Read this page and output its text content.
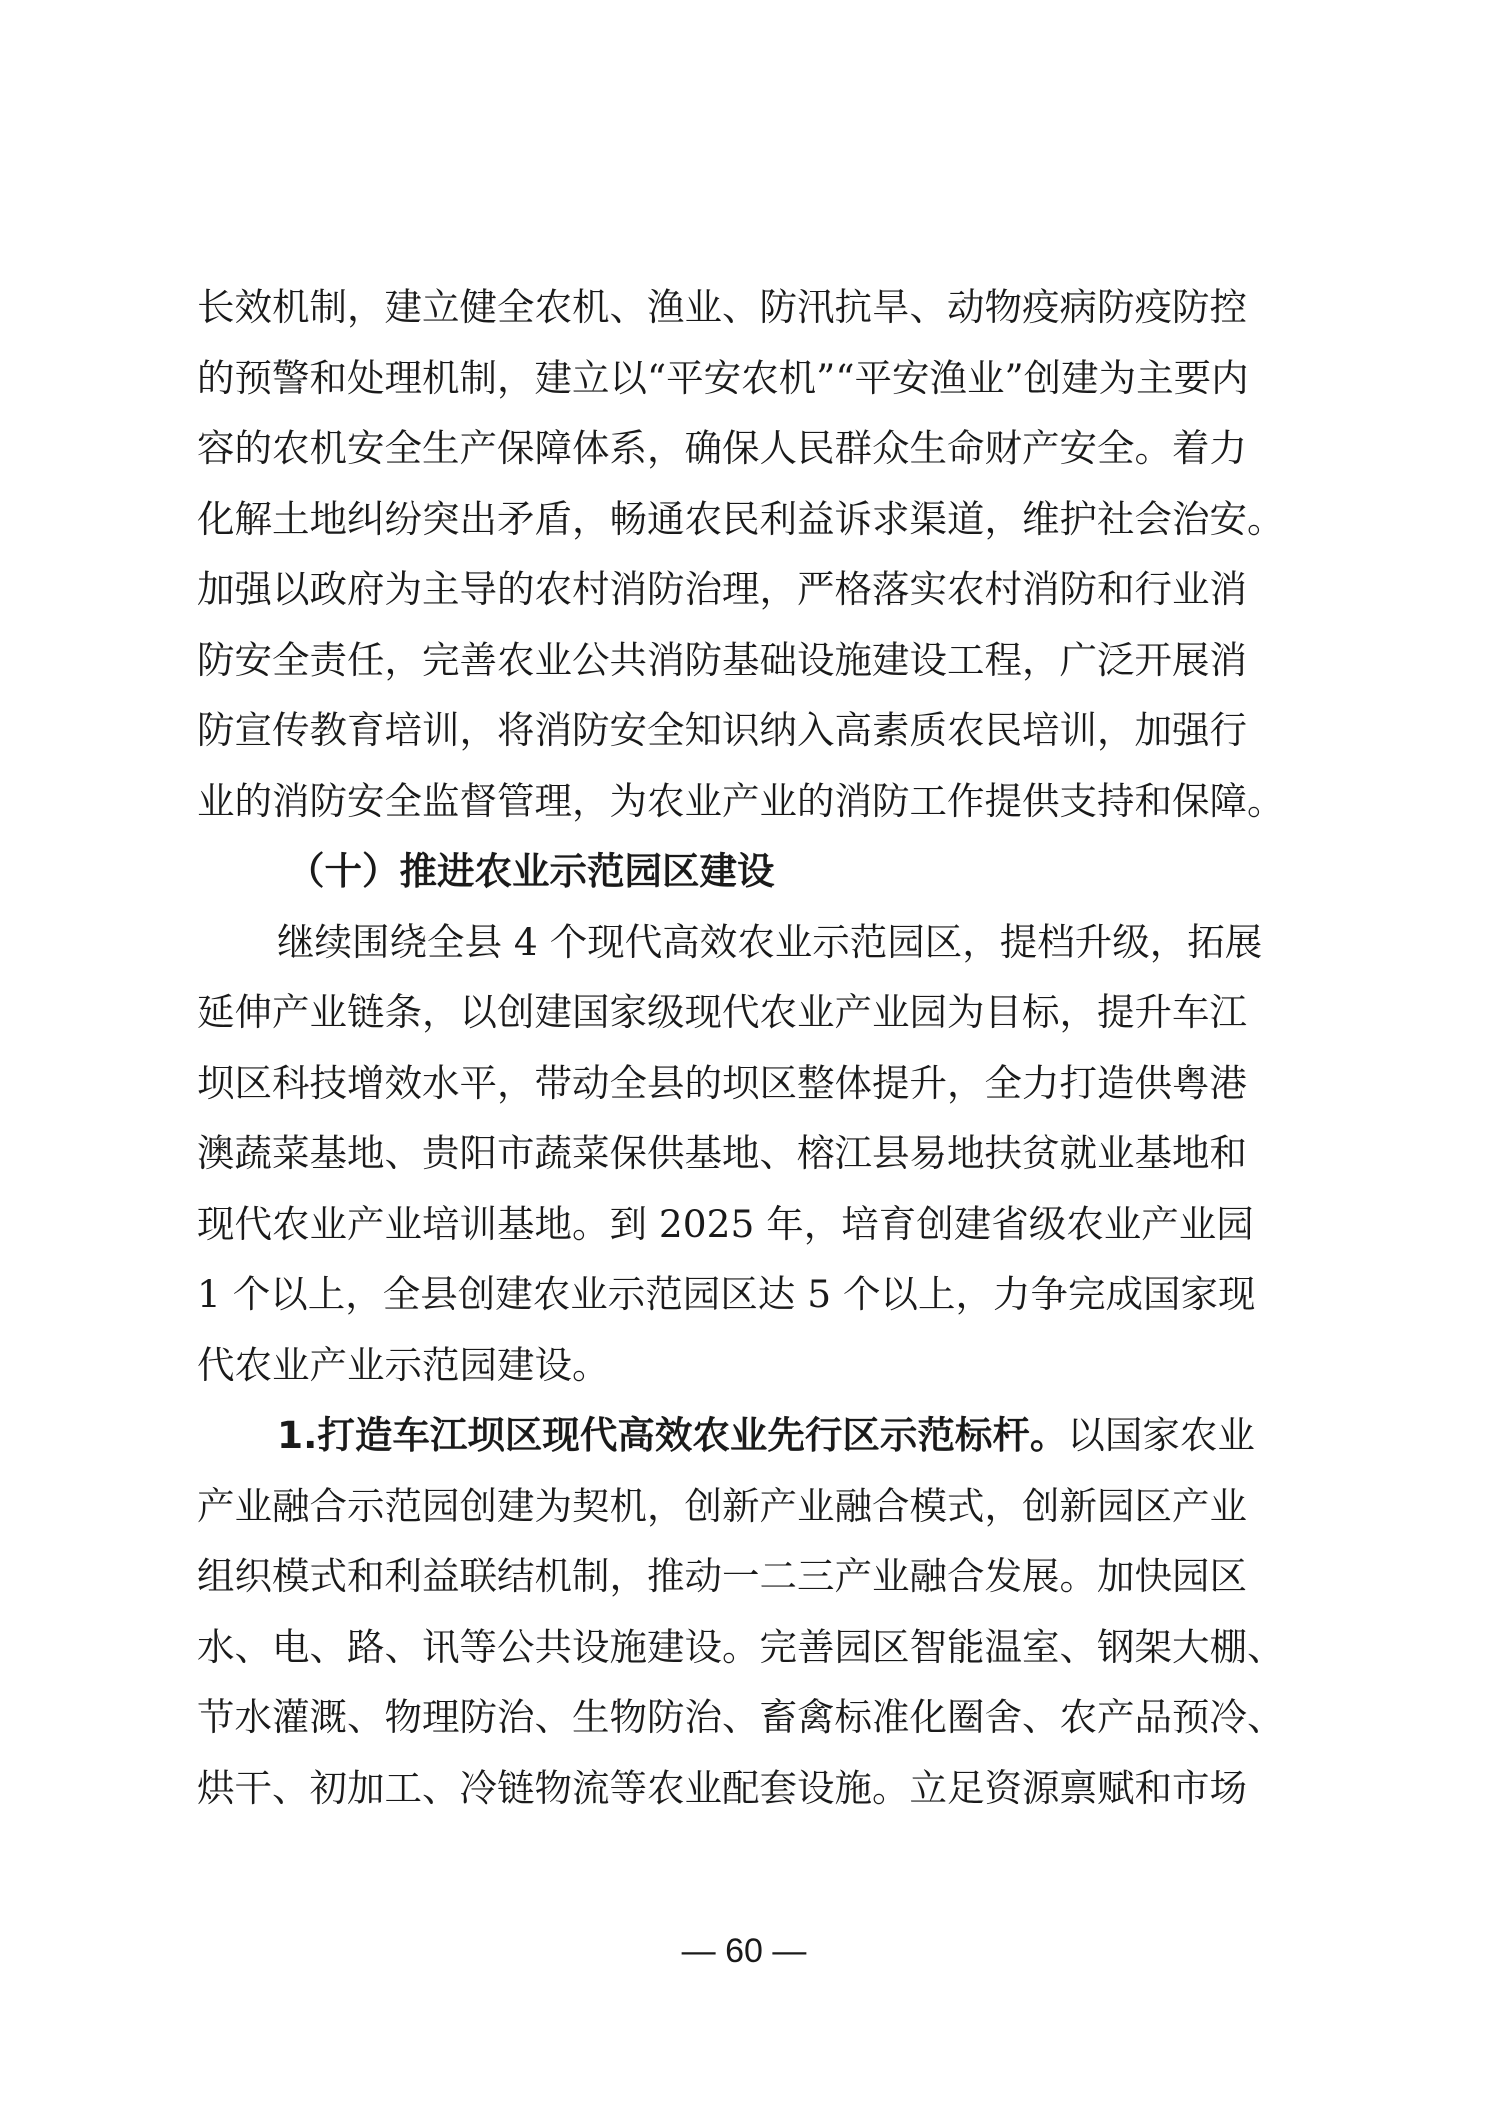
长效机制，建立健全农机、渔业、防汛抗旱、动物疫病防疫防控
的预警和处理机制，建立以“平安农机”“平安渔业”创建为主要内
容的农机安全生产保障体系，确保人民群众生命财产安全。着力
化解土地纠纷突出矛盾，畅通农民利益诉求渠道，维护社会治安。
加强以政府为主导的农村消防治理，严格落实农村消防和行业消
防安全责任，完善农业公共消防基础设施建设工程，广泛开展消
防宣传教育培训，将消防安全知识纳入高素质农民培训，加强行
业的消防安全监督管理，为农业产业的消防工作提供支持和保障。
（十）推进农业示范园区建设
继续围绕全县 4 个现代高效农业示范园区，提档升级，拓展
延伸产业链条，以创建国家级现代农业产业园为目标，提升车江
坝区科技增效水平，带动全县的坝区整体提升，全力打造供粤港
澳蔬菜基地、贵阳市蔬菜保供基地、榕江县易地扶贫就业基地和
现代农业产业培训基地。到 2025 年，培育创建省级农业产业园
1 个以上，全县创建农业示范园区达 5 个以上，力争完成国家现
代农业产业示范园建设。
1.打造车江坝区现代高效农业先行区示范标杆。以国家农业
产业融合示范园创建为契机，创新产业融合模式，创新园区产业
组织模式和利益联结机制，推动一二三产业融合发展。加快园区
水、电、路、讯等公共设施建设。完善园区智能温室、钢架大棚、
节水灌溉、物理防治、生物防治、畜禽标准化圈舍、农产品预冷、
烘干、初加工、冷链物流等农业配套设施。立足资源禀赋和市场
— 60 —
